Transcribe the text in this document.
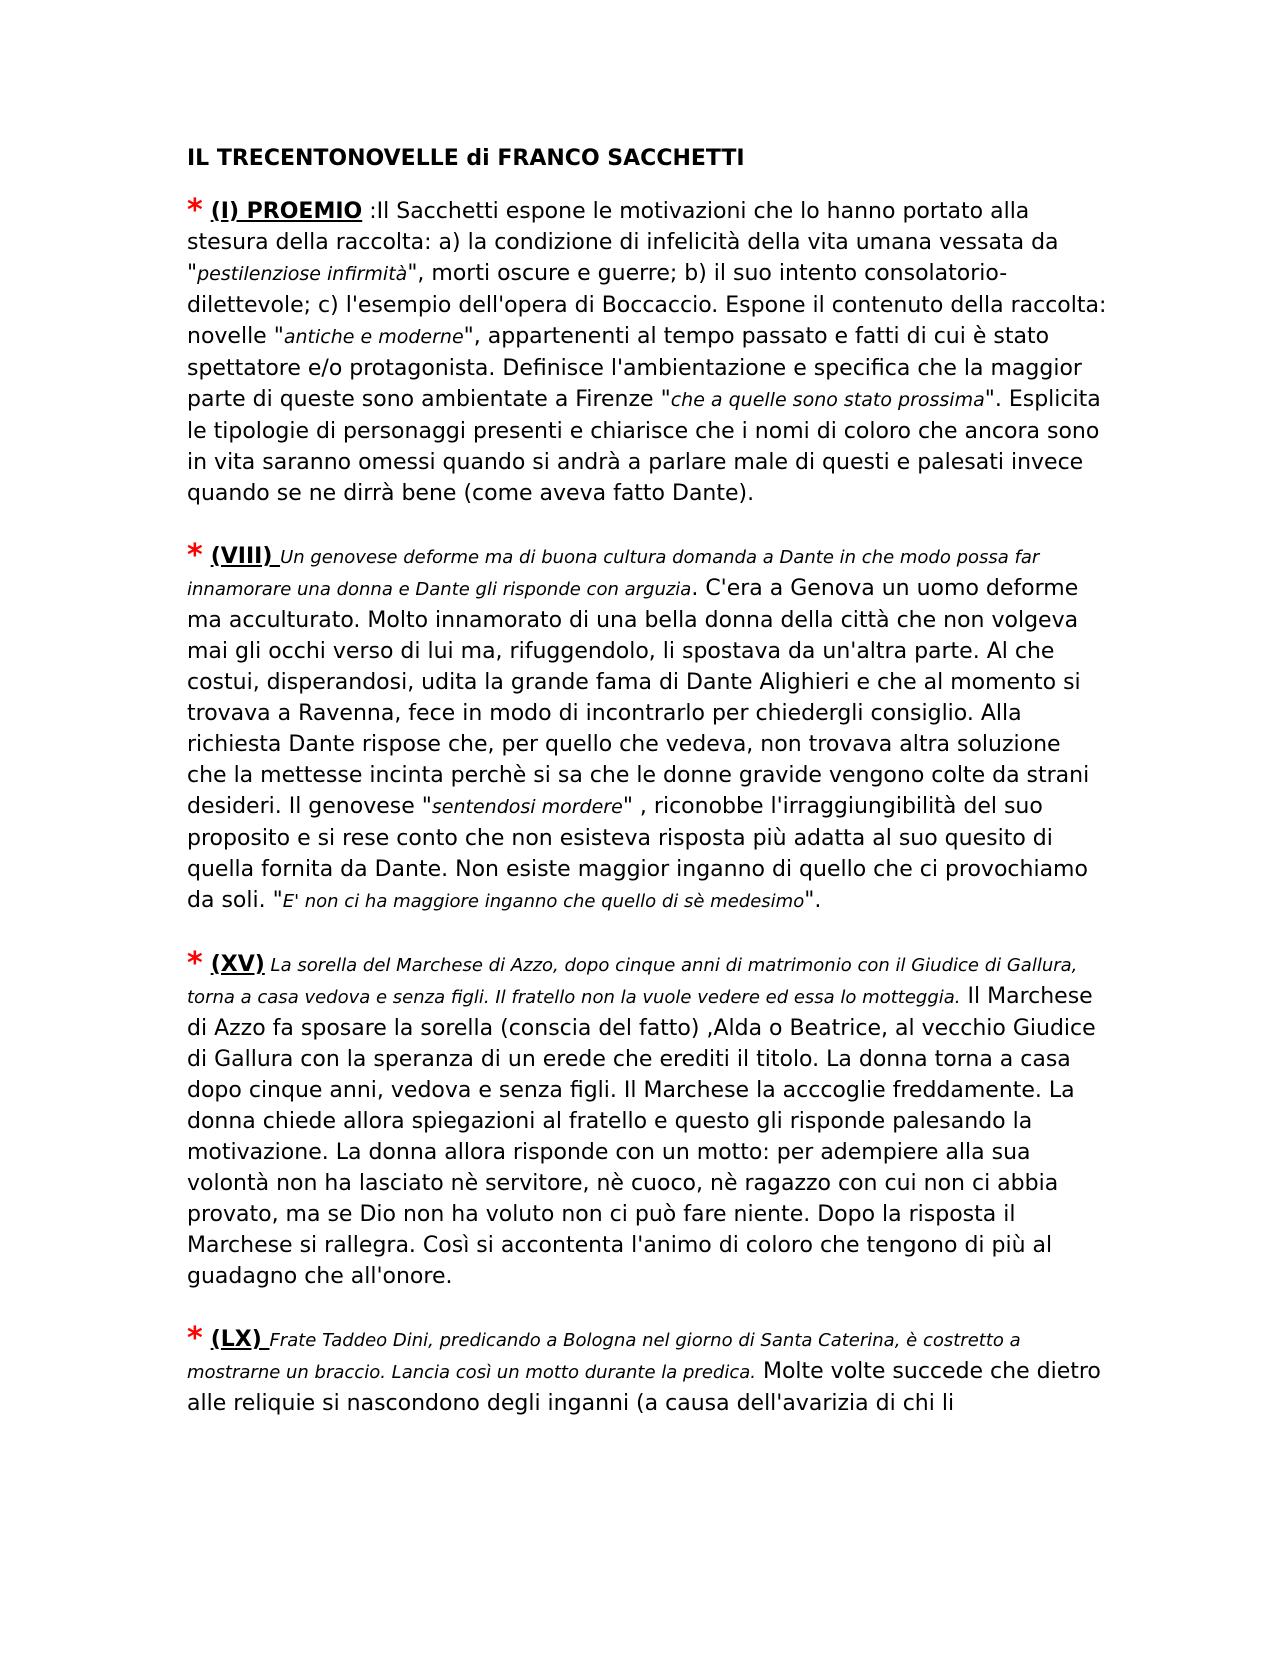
IL TRECENTONOVELLE di FRANCO SACCHETTI
* (I) PROEMIO :Il Sacchetti espone le motivazioni che lo hanno portato alla stesura della raccolta: a) la condizione di infelicità della vita umana vessata da "pestilenziose infirmità", morti oscure e guerre; b) il suo intento consolatorio-dilettevole; c) l'esempio dell'opera di Boccaccio. Espone il contenuto della raccolta: novelle "antiche e moderne", appartenenti al tempo passato e fatti di cui è stato spettatore e/o protagonista. Definisce l'ambientazione e specifica che la maggior parte di queste sono ambientate a Firenze "che a quelle sono stato prossima". Esplicita le tipologie di personaggi presenti e chiarisce che i nomi di coloro che ancora sono in vita saranno omessi quando si andrà a parlare male di questi e palesati invece quando se ne dirrà bene (come aveva fatto Dante).
* (VIII) Un genovese deforme ma di buona cultura domanda a Dante in che modo possa far innamorare una donna e Dante gli risponde con arguzia. C'era a Genova un uomo deforme ma acculturato. Molto innamorato di una bella donna della città che non volgeva mai gli occhi verso di lui ma, rifuggendolo, li spostava da un'altra parte. Al che costui, disperandosi, udita la grande fama di Dante Alighieri e che al momento si trovava a Ravenna, fece in modo di incontrarlo per chiedergli consiglio. Alla richiesta Dante rispose che, per quello che vedeva, non trovava altra soluzione che la mettesse incinta perchè si sa che le donne gravide vengono colte da strani desideri. Il genovese "sentendosi mordere" , riconobbe l'irraggiungibilità del suo proposito e si rese conto che non esisteva risposta più adatta al suo quesito di quella fornita da Dante. Non esiste maggior inganno di quello che ci provochiamo da soli. "E' non ci ha maggiore inganno che quello di sè medesimo".
* (XV) La sorella del Marchese di Azzo, dopo cinque anni di matrimonio con il Giudice di Gallura, torna a casa vedova e senza figli. Il fratello non la vuole vedere ed essa lo motteggia. Il Marchese di Azzo fa sposare la sorella (conscia del fatto) ,Alda o Beatrice, al vecchio Giudice di Gallura con la speranza di un erede che erediti il titolo. La donna torna a casa dopo cinque anni, vedova e senza figli. Il Marchese la acccoglie freddamente. La donna chiede allora spiegazioni al fratello e questo gli risponde palesando la motivazione. La donna allora risponde con un motto: per adempiere alla sua volontà non ha lasciato nè servitore, nè cuoco, nè ragazzo con cui non ci abbia provato, ma se Dio non ha voluto non ci può fare niente. Dopo la risposta il Marchese si rallegra. Così si accontenta l'animo di coloro che tengono di più al guadagno che all'onore.
* (LX) Frate Taddeo Dini, predicando a Bologna nel giorno di Santa Caterina, è costretto a mostrarne un braccio. Lancia così un motto durante la predica. Molte volte succede che dietro alle reliquie si nascondono degli inganni (a causa dell'avarizia di chi li
